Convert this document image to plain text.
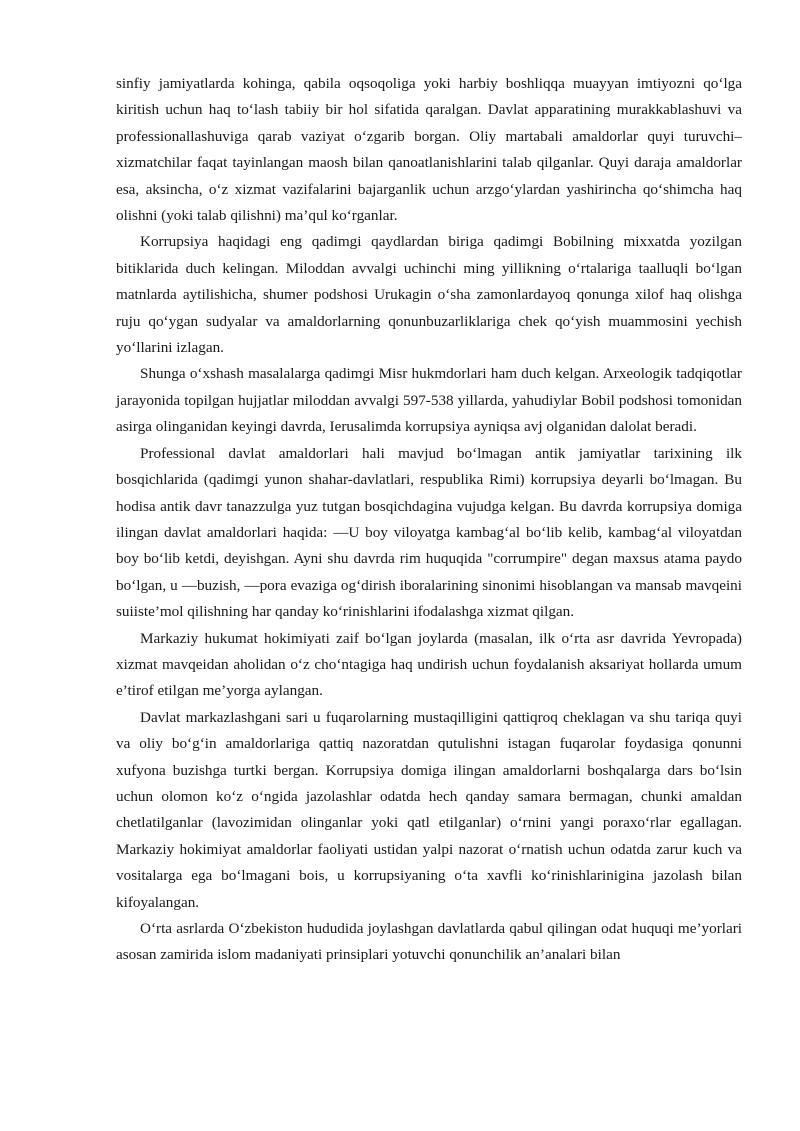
sinfiy jamiyatlarda kohinga, qabila oqsoqoliga yoki harbiy boshliqqa muayyan imtiyozni qo‘lga kiritish uchun haq to‘lash tabiiy bir hol sifatida qaralgan. Davlat apparatining murakkablashuvi va professionallashuviga qarab vaziyat o‘zgarib borgan. Oliy martabali amaldorlar quyi turuvchi–xizmatchilar faqat tayinlangan maosh bilan qanoatlanishlarini talab qilganlar. Quyi daraja amaldorlar esa, aksincha, o‘z xizmat vazifalarini bajarganlik uchun arzgo‘ylardan yashirincha qo‘shimcha haq olishni (yoki talab qilishni) ma’qul ko‘rganlar.

Korrupsiya haqidagi eng qadimgi qaydlardan biriga qadimgi Bobilning mixxatda yozilgan bitiklarida duch kelingan. Miloddan avvalgi uchinchi ming yillikning o‘rtalariga taalluqli bo‘lgan matnlarda aytilishicha, shumer podshosi Urukagin o‘sha zamonlardayoq qonunga xilof haq olishga ruju qo‘ygan sudyalar va amaldorlarning qonunbuzarliklariga chek qo‘yish muammosini yechish yo‘llarini izlagan.

Shunga o‘xshash masalalarga qadimgi Misr hukmdorlari ham duch kelgan. Arxeologik tadqiqotlar jarayonida topilgan hujjatlar miloddan avvalgi 597-538 yillarda, yahudiylar Bobil podshosi tomonidan asirga olinganidan keyingi davrda, Ierusalimda korrupsiya ayniqsa avj olganidan dalolat beradi.

Professional davlat amaldorlari hali mavjud bo‘lmagan antik jamiyatlar tarixining ilk bosqichlarida (qadimgi yunon shahar-davlatlari, respublika Rimi) korrupsiya deyarli bo‘lmagan. Bu hodisa antik davr tanazzulga yuz tutgan bosqichdagina vujudga kelgan. Bu davrda korrupsiya domiga ilingan davlat amaldorlari haqida: —U boy viloyatga kambag‘al bo‘lib kelib, kambag‘al viloyatdan boy bo‘lib ketdi, deyishgan. Ayni shu davrda rim huquqida "corrumpire" degan maxsus atama paydo bo‘lgan, u —buzish, —pora evaziga og‘dirish iboralarining sinonimi hisoblangan va mansab mavqeini suiiste’mol qilishning har qanday ko‘rinishlarini ifodalashga xizmat qilgan.

Markaziy hukumat hokimiyati zaif bo‘lgan joylarda (masalan, ilk o‘rta asr davrida Yevropada) xizmat mavqeidan aholidan o‘z cho‘ntagiga haq undirish uchun foydalanish aksariyat hollarda umum e’tirof etilgan me’yorga aylangan.

Davlat markazlashgani sari u fuqarolarning mustaqilligini qattiqroq cheklagan va shu tariqa quyi va oliy bo‘g‘in amaldorlariga qattiq nazoratdan qutulishni istagan fuqarolar foydasiga qonunni xufyona buzishga turtki bergan. Korrupsiya domiga ilingan amaldorlarni boshqalarga dars bo‘lsin uchun olomon ko‘z o‘ngida jazolashlar odatda hech qanday samara bermagan, chunki amaldan chetlatilganlar (lavozimidan olinganlar yoki qatl etilganlar) o‘rnini yangi poraxo‘rlar egallagan. Markaziy hokimiyat amaldorlar faoliyati ustidan yalpi nazorat o‘rnatish uchun odatda zarur kuch va vositalarga ega bo‘lmagani bois, u korrupsiyaning o‘ta xavfli ko‘rinishlarinigina jazolash bilan kifoyalangan.

O‘rta asrlarda O‘zbekiston hududida joylashgan davlatlarda qabul qilingan odat huquqi me’yorlari asosan zamirida islom madaniyati prinsiplari yotuvchi qonunchilik an’analari bilan
